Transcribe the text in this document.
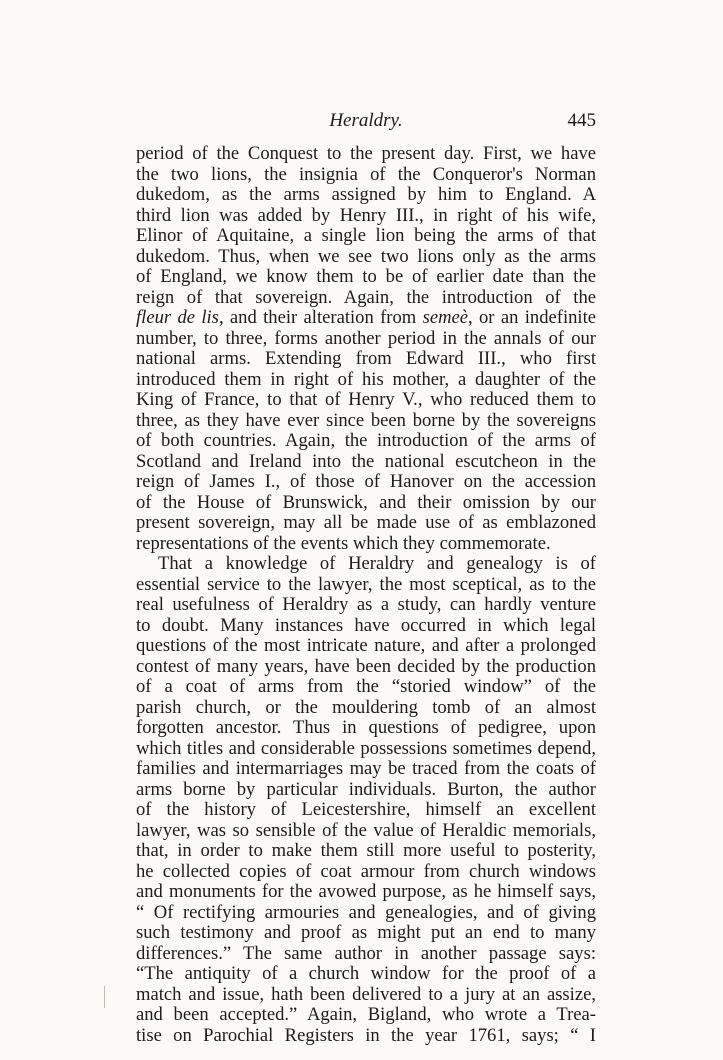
Heraldry.	445
period of the Conquest to the present day. First, we have
the two lions, the insignia of the Conqueror's Norman
dukedom, as the arms assigned by him to England. A
third lion was added by Henry III., in right of his wife,
Elinor of Aquitaine, a single lion being the arms of that
dukedom. Thus, when we see two lions only as the arms
of England, we know them to be of earlier date than the
reign of that sovereign. Again, the introduction of the
fleur de lis, and their alteration from semeè, or an indefinite
number, to three, forms another period in the annals of our
national arms. Extending from Edward III., who first
introduced them in right of his mother, a daughter of the
King of France, to that of Henry V., who reduced them to
three, as they have ever since been borne by the sovereigns
of both countries. Again, the introduction of the arms of
Scotland and Ireland into the national escutcheon in the
reign of James I., of those of Hanover on the accession
of the House of Brunswick, and their omission by our
present sovereign, may all be made use of as emblazoned
representations of the events which they commemorate.
That a knowledge of Heraldry and genealogy is of
essential service to the lawyer, the most sceptical, as to the
real usefulness of Heraldry as a study, can hardly venture
to doubt. Many instances have occurred in which legal
questions of the most intricate nature, and after a prolonged
contest of many years, have been decided by the production
of a coat of arms from the “storied window” of the
parish church, or the mouldering tomb of an almost
forgotten ancestor. Thus in questions of pedigree, upon
which titles and considerable possessions sometimes depend,
families and intermarriages may be traced from the coats of
arms borne by particular individuals. Burton, the author
of the history of Leicestershire, himself an excellent
lawyer, was so sensible of the value of Heraldic memorials,
that, in order to make them still more useful to posterity,
he collected copies of coat armour from church windows
and monuments for the avowed purpose, as he himself says,
“ Of rectifying armouries and genealogies, and of giving
such testimony and proof as might put an end to many
differences.” The same author in another passage says:
“The antiquity of a church window for the proof of a
match and issue, hath been delivered to a jury at an assize,
and been accepted.” Again, Bigland, who wrote a Trea-
tise on Parochial Registers in the year 1761, says; “ I
